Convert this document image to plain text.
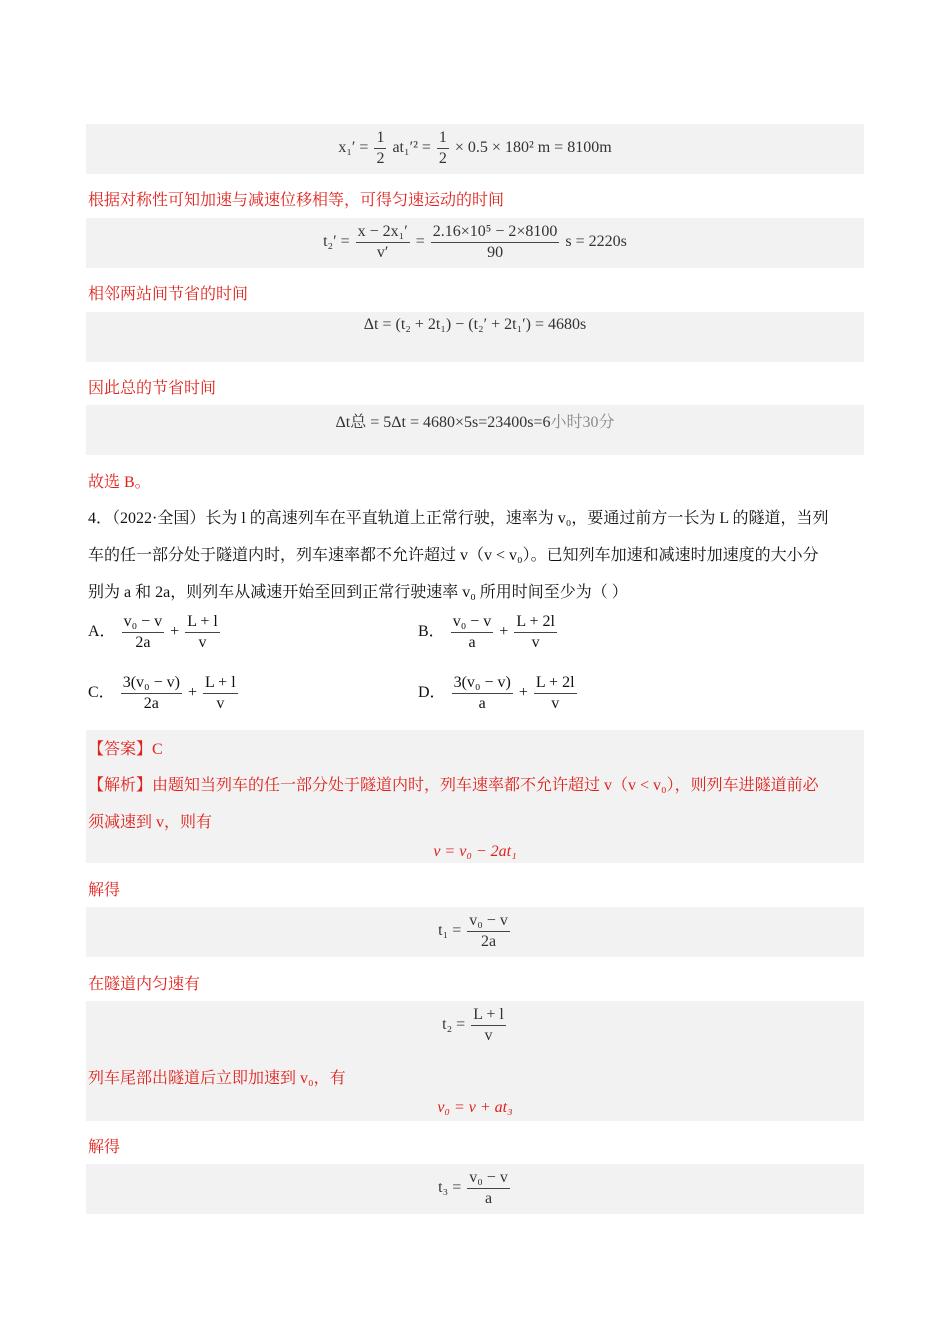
$x_1' = \frac{1}{2} at_1'^2 = \frac{1}{2} \times 0.5 \times 180^2$ m = 8100m
根据对称性可知加速与减速位移相等，可得匀速运动的时间
$t_2' = \frac{\text{x − 2x₁′}}{v'} = \frac{\text{2.16×10⁵ − 2×8100}}{90}$ s = 2220s
相邻两站间节省的时间
Δt = (t₂ + 2t₁) − (t₂′ + 2t₁′) = 4680s
因此总的节省时间
Δt总 = 5Δt = 4680×5s=23400s=6小时30分
故选 B。
4．（2022·全国）长为 l 的高速列车在平直轨道上正常行驶，速率为 v₀，要通过前方一长为 L 的隧道，当列
车的任一部分处于隧道内时，列车速率都不允许超过 v（v < v₀）。已知列车加速和减速时加速度的大小分
别为 a 和 2a，则列车从减速开始至回到正常行驶速率 v₀ 所用时间至少为（ ）
A． $\frac{\text{v₀ − v}}{2a} + \frac{L + l}{v}$	B． $\frac{\text{v₀ − v}}{a} + \frac{L + 2l}{v}$
C． $\frac{\text{3(v₀ − v)}}{2a} + \frac{L + l}{v}$	D． $\frac{\text{3(v₀ − v)}}{a} + \frac{L + 2l}{v}$
【答案】C
【解析】由题知当列车的任一部分处于隧道内时，列车速率都不允许超过 v（v < v₀），则列车进隧道前必
须减速到 v，则有
v = v₀ − 2at₁
解得
$t_1 = \frac{\text{v₀ − v}}{2a}$
在隧道内匀速有
$t_2 = \frac{L + l}{v}$
列车尾部出隧道后立即加速到 v₀，有
v₀ = v + at₃
解得
$t_3 = \frac{\text{v₀ − v}}{a}$
